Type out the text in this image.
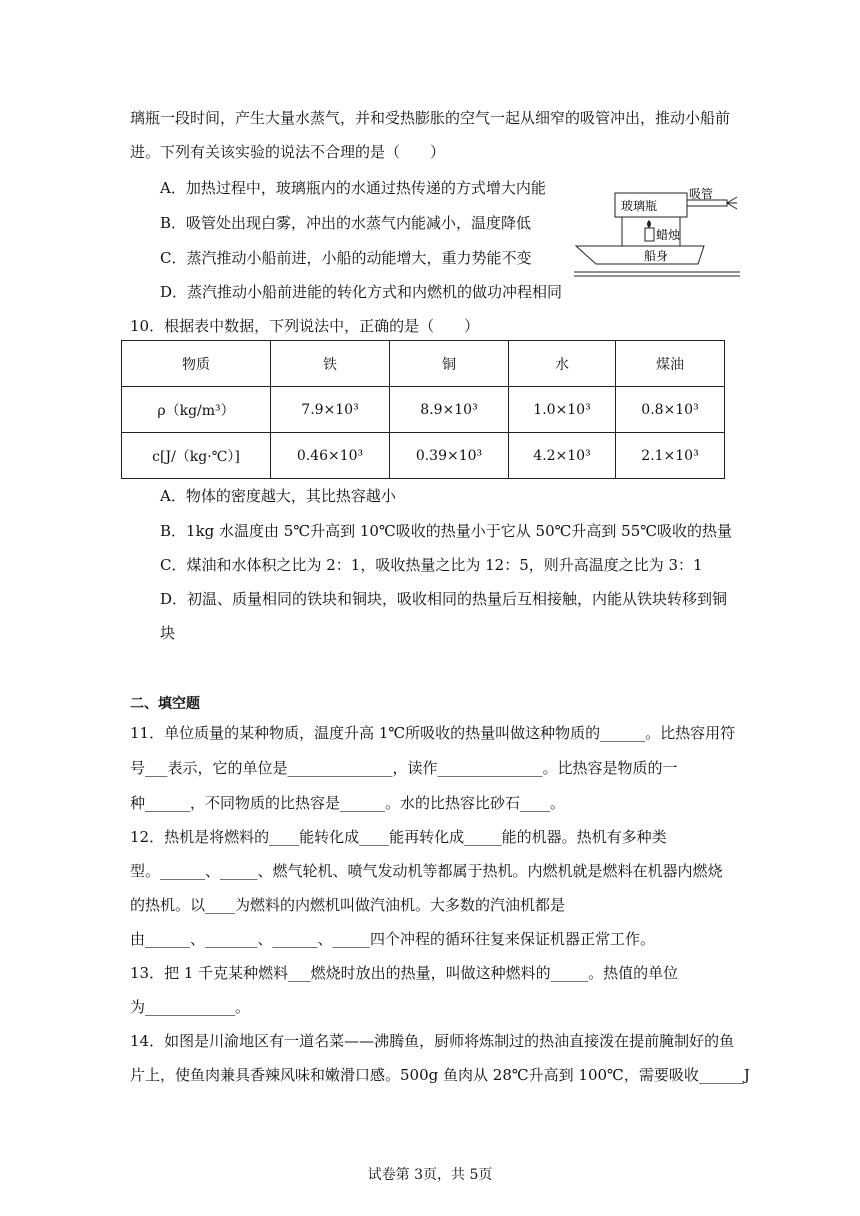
璃瓶一段时间，产生大量水蒸气，并和受热膨胀的空气一起从细窄的吸管冲出，推动小船前
进。下列有关该实验的说法不合理的是（　　）
A．加热过程中，玻璃瓶内的水通过热传递的方式增大内能
B．吸管处出现白雾，冲出的水蒸气内能减小，温度降低
C．蒸汽推动小船前进，小船的动能增大，重力势能不变
D．蒸汽推动小船前进能的转化方式和内燃机的做功冲程相同
玻璃瓶
吸管
蜡烛
船身
10．根据表中数据，下列说法中，正确的是（　　）
物质	铁	铜	水	煤油
ρ（kg/m³）	7.9×10³	8.9×10³	1.0×10³	0.8×10³
c[J/（kg·℃）]	0.46×10³	0.39×10³	4.2×10³	2.1×10³
A．物体的密度越大，其比热容越小
B．1kg 水温度由 5℃升高到 10℃吸收的热量小于它从 50℃升高到 55℃吸收的热量
C．煤油和水体积之比为 2：1，吸收热量之比为 12：5，则升高温度之比为 3：1
D．初温、质量相同的铁块和铜块，吸收相同的热量后互相接触，内能从铁块转移到铜
块
二、填空题
11．单位质量的某种物质，温度升高 1℃所吸收的热量叫做这种物质的______。比热容用符
号___表示，它的单位是______________，读作______________。比热容是物质的一
种______，不同物质的比热容是______。水的比热容比砂石____。
12．热机是将燃料的____能转化成____能再转化成_____能的机器。热机有多种类
型。______、_____、燃气轮机、喷气发动机等都属于热机。内燃机就是燃料在机器内燃烧
的热机。以____为燃料的内燃机叫做汽油机。大多数的汽油机都是
由______、_______、______、_____四个冲程的循环往复来保证机器正常工作。
13．把 1 千克某种燃料___燃烧时放出的热量，叫做这种燃料的_____。热值的单位
为____________。
14．如图是川渝地区有一道名菜——沸腾鱼，厨师将炼制过的热油直接泼在提前腌制好的鱼
片上，使鱼肉兼具香辣风味和嫩滑口感。500g 鱼肉从 28℃升高到 100℃，需要吸收______J
试卷第 3页，共 5页
